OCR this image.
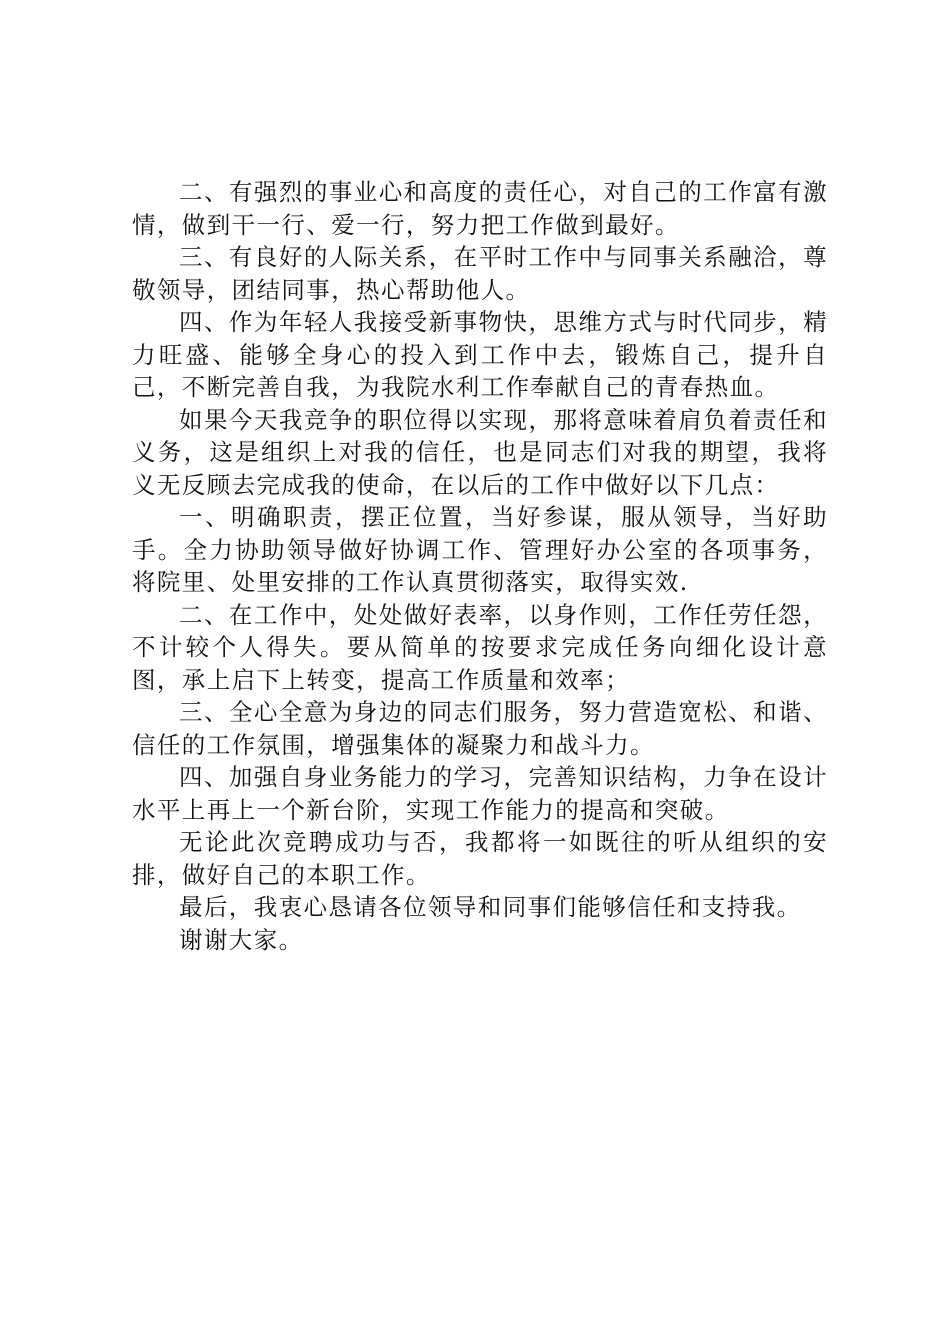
二、有强烈的事业心和高度的责任心，对自己的工作富有激情，做到干一行、爱一行，努力把工作做到最好。

三、有良好的人际关系，在平时工作中与同事关系融洽，尊敬领导，团结同事，热心帮助他人。

四、作为年轻人我接受新事物快，思维方式与时代同步，精力旺盛、能够全身心的投入到工作中去，锻炼自己，提升自己，不断完善自我，为我院水利工作奉献自己的青春热血。

如果今天我竞争的职位得以实现，那将意味着肩负着责任和义务，这是组织上对我的信任，也是同志们对我的期望，我将义无反顾去完成我的使命，在以后的工作中做好以下几点：

一、明确职责，摆正位置，当好参谋，服从领导，当好助手。全力协助领导做好协调工作、管理好办公室的各项事务，将院里、处里安排的工作认真贯彻落实，取得实效.

二、在工作中，处处做好表率，以身作则，工作任劳任怨，不计较个人得失。要从简单的按要求完成任务向细化设计意图，承上启下上转变，提高工作质量和效率；

三、全心全意为身边的同志们服务，努力营造宽松、和谐、信任的工作氛围，增强集体的凝聚力和战斗力。

四、加强自身业务能力的学习，完善知识结构，力争在设计水平上再上一个新台阶，实现工作能力的提高和突破。

无论此次竞聘成功与否，我都将一如既往的听从组织的安排，做好自己的本职工作。

最后，我衷心恳请各位领导和同事们能够信任和支持我。

谢谢大家。
